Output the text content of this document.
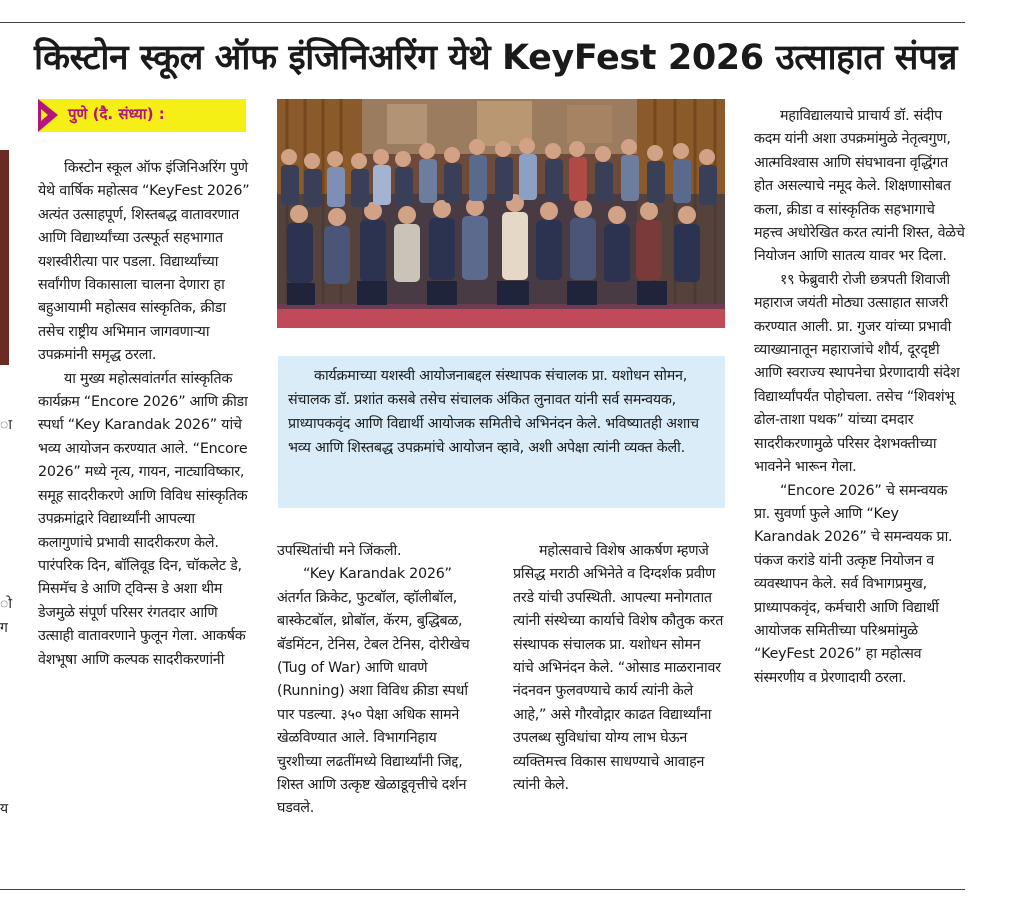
किस्टोन स्कूल ऑफ इंजिनिअरिंग येथे KeyFest 2026 उत्साहात संपन्न
ा
ो
ग
य
पुणे (दै. संध्या) :

किस्टोन स्कूल ऑफ इंजिनिअरिंग पुणे येथे वार्षिक महोत्सव “KeyFest 2026” अत्यंत उत्साहपूर्ण, शिस्तबद्ध वातावरणात आणि विद्यार्थ्यांच्या उत्स्फूर्त सहभागात यशस्वीरीत्या पार पडला. विद्यार्थ्यांच्या सर्वांगीण विकासाला चालना देणारा हा बहुआयामी महोत्सव सांस्कृतिक, क्रीडा तसेच राष्ट्रीय अभिमान जागवणाऱ्या उपक्रमांनी समृद्ध ठरला.

या मुख्य महोत्सवांतर्गत सांस्कृतिक कार्यक्रम “Encore 2026” आणि क्रीडा स्पर्धा “Key Karandak 2026” यांचे भव्य आयोजन करण्यात आले. “Encore 2026” मध्ये नृत्य, गायन, नाट्याविष्कार, समूह सादरीकरणे आणि विविध सांस्कृतिक उपक्रमांद्वारे विद्यार्थ्यांनी आपल्या कलागुणांचे प्रभावी सादरीकरण केले. पारंपरिक दिन, बॉलिवूड दिन, चॉकलेट डे, मिसमॅच डे आणि ट्विन्स डे अशा थीम डेजमुळे संपूर्ण परिसर रंगतदार आणि उत्साही वातावरणाने फुलून गेला. आकर्षक वेशभूषा आणि कल्पक सादरीकरणांनी

कार्यक्रमाच्या यशस्वी आयोजनाबद्दल संस्थापक संचालक प्रा. यशोधन सोमन, संचालक डॉ. प्रशांत कसबे तसेच संचालक अंकित लुनावत यांनी सर्व समन्वयक, प्राध्यापकवृंद आणि विद्यार्थी आयोजक समितीचे अभिनंदन केले. भविष्यातही अशाच भव्य आणि शिस्तबद्ध उपक्रमांचे आयोजन व्हावे, अशी अपेक्षा त्यांनी व्यक्त केली.

उपस्थितांची मने जिंकली.

“Key Karandak 2026” अंतर्गत क्रिकेट, फुटबॉल, व्हॉलीबॉल, बास्केटबॉल, थ्रोबॉल, कॅरम, बुद्धिबळ, बॅडमिंटन, टेनिस, टेबल टेनिस, दोरीखेच (Tug of War) आणि धावणे (Running) अशा विविध क्रीडा स्पर्धा पार पडल्या. ३५० पेक्षा अधिक सामने खेळविण्यात आले. विभागनिहाय चुरशीच्या लढतींमध्ये विद्यार्थ्यांनी जिद्द, शिस्त आणि उत्कृष्ट खेळाडूवृत्तीचे दर्शन घडवले.

महोत्सवाचे विशेष आकर्षण म्हणजे प्रसिद्ध मराठी अभिनेते व दिग्दर्शक प्रवीण तरडे यांची उपस्थिती. आपल्या मनोगतात त्यांनी संस्थेच्या कार्याचे विशेष कौतुक करत संस्थापक संचालक प्रा. यशोधन सोमन यांचे अभिनंदन केले. “ओसाड माळरानावर नंदनवन फुलवण्याचे कार्य त्यांनी केले आहे,” असे गौरवोद्गार काढत विद्यार्थ्यांना उपलब्ध सुविधांचा योग्य लाभ घेऊन व्यक्तिमत्त्व विकास साधण्याचे आवाहन त्यांनी केले.

महाविद्यालयाचे प्राचार्य डॉ. संदीप कदम यांनी अशा उपक्रमांमुळे नेतृत्वगुण, आत्मविश्वास आणि संघभावना वृद्धिंगत होत असल्याचे नमूद केले. शिक्षणासोबत कला, क्रीडा व सांस्कृतिक सहभागाचे महत्त्व अधोरेखित करत त्यांनी शिस्त, वेळेचे नियोजन आणि सातत्य यावर भर दिला.

१९ फेब्रुवारी रोजी छत्रपती शिवाजी महाराज जयंती मोठ्या उत्साहात साजरी करण्यात आली. प्रा. गुजर यांच्या प्रभावी व्याख्यानातून महाराजांचे शौर्य, दूरदृष्टी आणि स्वराज्य स्थापनेचा प्रेरणादायी संदेश विद्यार्थ्यांपर्यंत पोहोचला. तसेच “शिवशंभू ढोल-ताशा पथक” यांच्या दमदार सादरीकरणामुळे परिसर देशभक्तीच्या भावनेने भारून गेला.

“Encore 2026” चे समन्वयक प्रा. सुवर्णा फुले आणि “Key Karandak 2026” चे समन्वयक प्रा. पंकज करांडे यांनी उत्कृष्ट नियोजन व व्यवस्थापन केले. सर्व विभागप्रमुख, प्राध्यापकवृंद, कर्मचारी आणि विद्यार्थी आयोजक समितीच्या परिश्रमांमुळे “KeyFest 2026” हा महोत्सव संस्मरणीय व प्रेरणादायी ठरला.
